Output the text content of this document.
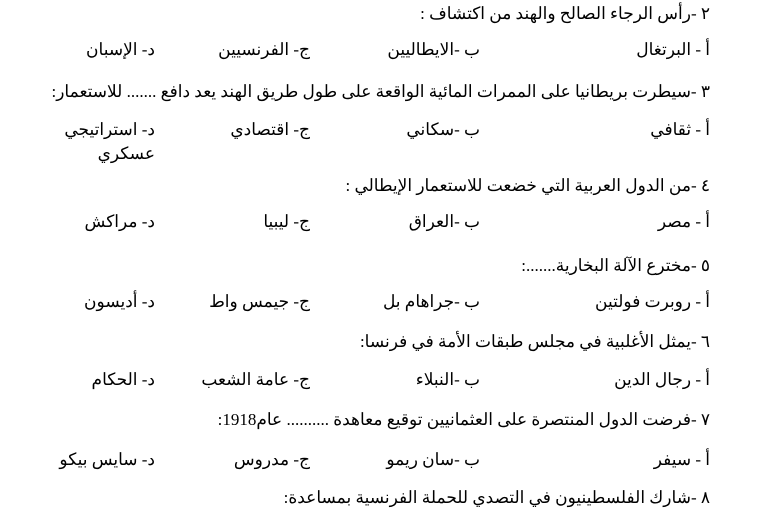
٢ -رأس الرجاء الصالح والهند من اكتشاف :
أ - البرتغال
ب -الايطاليين
ج- الفرنسيين
د- الإسبان
٣ -سيطرت بريطانيا على الممرات المائية الواقعة على طول طريق الهند يعد دافع ....... للاستعمار:
أ - ثقافي
ب -سكاني
ج- اقتصادي
د- استراتيجي
عسكري
٤ -من الدول العربية التي خضعت للاستعمار الإيطالي :
أ - مصر
ب -العراق
ج- ليبيا
د- مراكش
٥ -مخترع الآلة البخارية.......:
أ - روبرت فولتين
ب -جراهام بل
ج- جيمس واط
د- أديسون
٦ -يمثل الأغلبية في مجلس طبقات الأمة في فرنسا:
أ - رجال الدين
ب -النبلاء
ج- عامة الشعب
د- الحكام
٧ -فرضت الدول المنتصرة على العثمانيين توقيع معاهدة .......... عام1918:
أ - سيفر
ب -سان ريمو
ج- مدروس
د- سايس بيكو
٨ -شارك الفلسطينيون في التصدي للحملة الفرنسية بمساعدة:
